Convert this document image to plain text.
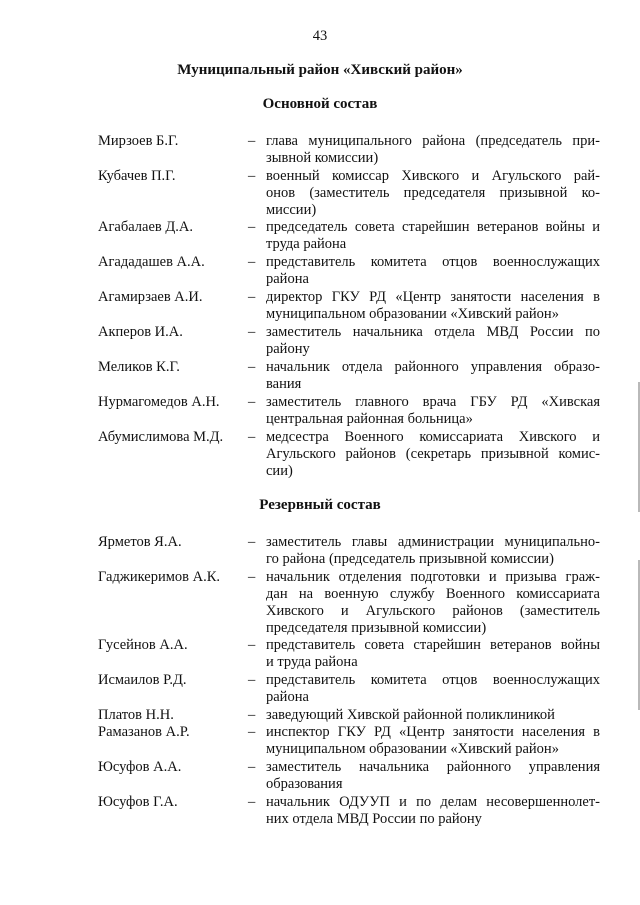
43
Муниципальный район «Хивский район»
Основной состав
Мирзоев Б.Г.	– глава муниципального района (председатель при-
зывной комиссии)
Кубачев П.Г.	– военный комиссар Хивского и Агульского рай-
онов (заместитель председателя призывной ко-
миссии)
Агабалаев Д.А.	– председатель совета старейшин ветеранов войны и
труда района
Агададашев А.А.	– представитель комитета отцов военнослужащих
района
Агамирзаев А.И.	– директор ГКУ РД «Центр занятости населения в
муниципальном образовании «Хивский район»
Акперов И.А.	– заместитель начальника отдела МВД России по
району
Меликов К.Г.	– начальник отдела районного управления образо-
вания
Нурмагомедов А.Н. – заместитель главного врача ГБУ РД «Хивская
центральная районная больница»
Абумислимова М.Д. – медсестра Военного комиссариата Хивского и
Агульского районов (секретарь призывной комис-
сии)
Резервный состав
Ярметов Я.А.	– заместитель главы администрации муниципально-
го района (председатель призывной комиссии)
Гаджикеримов А.К. – начальник отделения подготовки и призыва граж-
дан на военную службу Военного комиссариата
Хивского и Агульского районов (заместитель
председателя призывной комиссии)
Гусейнов А.А.	– представитель совета старейшин ветеранов войны
и труда района
Исмаилов Р.Д.	– представитель комитета отцов военнослужащих
района
Платов Н.Н.	– заведующий Хивской районной поликлиникой
Рамазанов А.Р.	– инспектор ГКУ РД «Центр занятости населения в
муниципальном образовании «Хивский район»
Юсуфов А.А.	– заместитель начальника районного управления
образования
Юсуфов Г.А.	– начальник ОДУУП и по делам несовершеннолет-
них отдела МВД России по району
